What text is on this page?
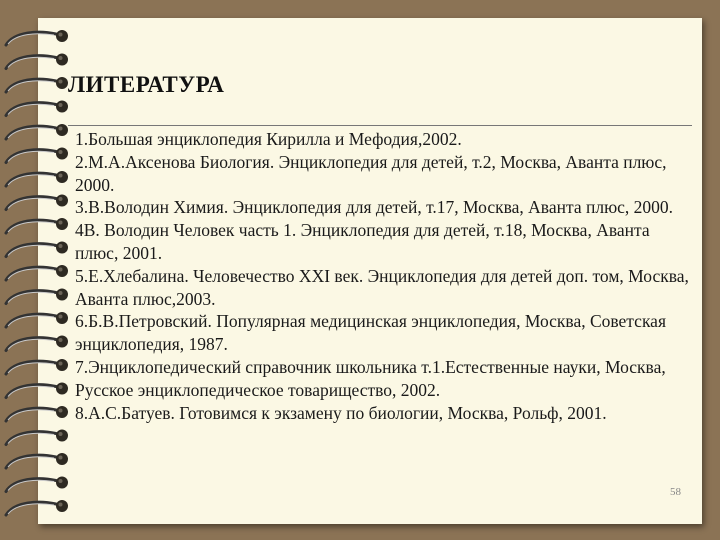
ЛИТЕРАТУРА
1.Большая энциклопедия Кирилла и Мефодия,2002.
2.М.А.Аксенова Биология. Энциклопедия для детей, т.2, Москва, Аванта плюс, 2000.
3.В.Володин Химия. Энциклопедия для детей, т.17, Москва, Аванта плюс, 2000.
4В. Володин Человек часть 1. Энциклопедия для детей, т.18, Москва, Аванта плюс, 2001.
5.Е.Хлебалина. Человечество XXI век. Энциклопедия для детей доп. том, Москва, Аванта плюс,2003.
6.Б.В.Петровский. Популярная медицинская энциклопедия, Москва, Советская энциклопедия, 1987.
7.Энциклопедический справочник школьника т.1.Естественные науки, Москва, Русское энциклопедическое товарищество, 2002.
8.А.С.Батуев. Готовимся к экзамену по биологии, Москва, Рольф, 2001.
58
